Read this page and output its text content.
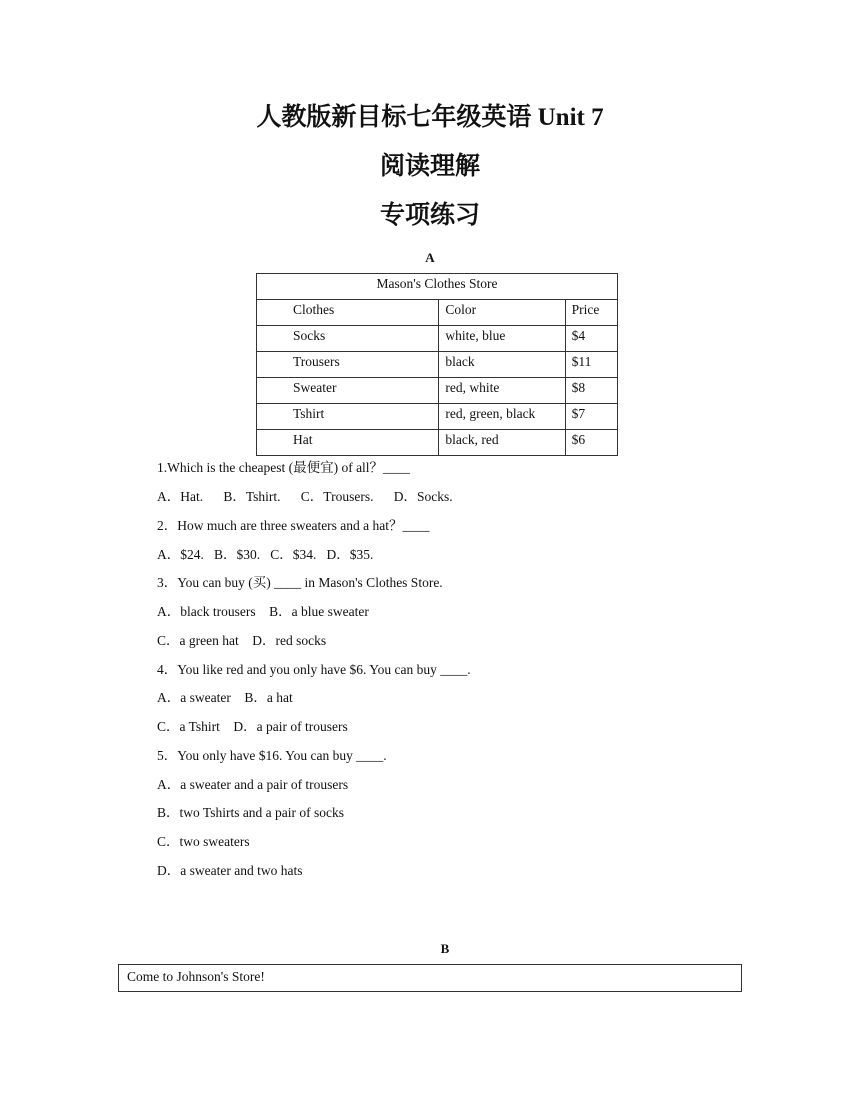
人教版新目标七年级英语 Unit 7
阅读理解
专项练习
A
Mason's Clothes Store		
Clothes	Color	Price
Socks	white, blue	$4
Trousers	black	$11
Sweater	red, white	$8
Tshirt	red, green, black	$7
Hat	black, red	$6
1.Which is the cheapest (最便宜) of all？____
A．Hat.      B．Tshirt.      C．Trousers.      D．Socks.
2．How much are three sweaters and a hat？____
A．$24.   B．$30.   C．$34.   D．$35.
3．You can buy (买) ____ in Mason's Clothes Store.
A．black trousers    B．a blue sweater
C．a green hat    D．red socks
4．You like red and you only have $6. You can buy ____.
A．a sweater    B．a hat
C．a Tshirt    D．a pair of trousers
5．You only have $16. You can buy ____.
A．a sweater and a pair of trousers
B．two Tshirts and a pair of socks
C．two sweaters
D．a sweater and two hats
B
Come to Johnson's Store!
